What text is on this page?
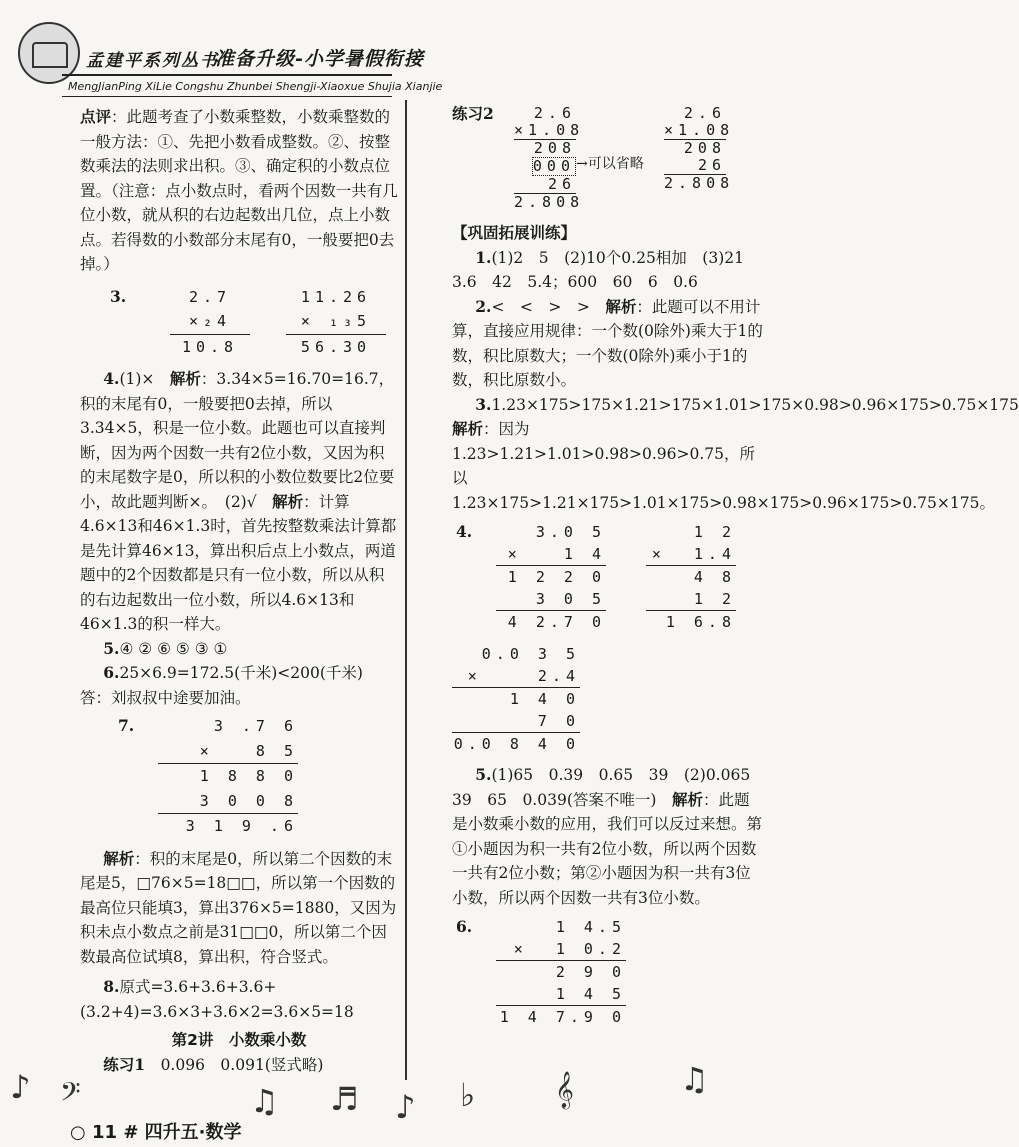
孟建平系列丛书
准备升级-小学暑假衔接
MengJianPing XiLie Congshu Zhunbei Shengji-Xiaoxue Shujia Xianjie

点评：此题考查了小数乘整数，小数乘整数的一般方法：①、先把小数看成整数。②、按整数乘法的法则求出积。③、确定积的小数点位置。（注意：点小数点时，看两个因数一共有几位小数，就从积的右边起数出几位，点上小数点。若得数的小数部分末尾有0，一般要把0去掉。）

3.	2.7
×₂4
10.8
11.26
× ₁₃5
56.30

4.(1)×　 解析：3.34×5=16.70=16.7，积的末尾有0，一般要把0去掉，所以3.34×5，积是一位小数。此题也可以直接判断，因为两个因数一共有2位小数，又因为积的末尾数字是0，所以积的小数位数要比2位要小，故此题判断×。　 (2)√　 解析：计算4.6×13和46×1.3时，首先按整数乘法计算都是先计算46×13，算出积后点上小数点，两道题中的2个因数都是只有一位小数，所以从积的右边起数出一位小数，所以4.6×13和46×1.3的积一样大。

5.④ ② ⑥ ⑤ ③ ①

6.25×6.9=172.5(千米)<200(千米)

答：刘叔叔中途要加油。

7.	3 .7 6
×   8 5
1 8 8 0
3 0 0 8
3 1 9 .6

解析：积的末尾是0，所以第二个因数的末尾是5，□76×5=18□□，所以第一个因数的最高位只能填3，算出376×5=1880，又因为积未点小数点之前是31□□0，所以第二个因数最高位试填8，算出积，符合竖式。

8.原式=3.6+3.6+3.6+(3.2+4)=3.6×3+3.6×2=3.6×5=18

第2讲　小数乘小数

练习1　 0.096　0.091(竖式略)

练习2	2.6
×1.08
208
000
26
2.808
→可以省略
2.6
×1.08
208
26
2.808

【巩固拓展训练】

1.(1)2　5　(2)10个0.25相加　(3)21　3.6　42　5.4；600　60　6　0.6

2.<　<　>　>　 解析：此题可以不用计算，直接应用规律：一个数(0除外)乘大于1的数，积比原数大；一个数(0除外)乘小于1的数，积比原数小。

3.1.23×175>175×1.21>175×1.01>175×0.98>0.96×175>0.75×175　解析：因为1.23>1.21>1.01>0.98>0.96>0.75，所以1.23×175>1.21×175>1.01×175>0.98×175>0.96×175>0.75×175。

4.	3.0 5
×   1 4
1 2 2 0
3 0 5
4 2.7 0
1 2
×  1.4
4 8
1 2
1 6.8
0.0 3 5
×    2.4
1 4 0
7 0
0.0 8 4 0

5.(1)65　0.39　0.65　39　(2)0.065　39　65　0.039(答案不唯一)　 解析：此题是小数乘小数的应用，我们可以反过来想。第①小题因为积一共有2位小数，所以两个因数一共有2位小数；第②小题因为积一共有3位小数，所以两个因数一共有3位小数。

6.	1 4.5
×  1 0.2
2 9 0
1 4 5
1 4 7.9 0
♪ 𝄢	♫ ♬ ♪ ♭ 𝄞	♫
○ 11 # 四升五·数学
